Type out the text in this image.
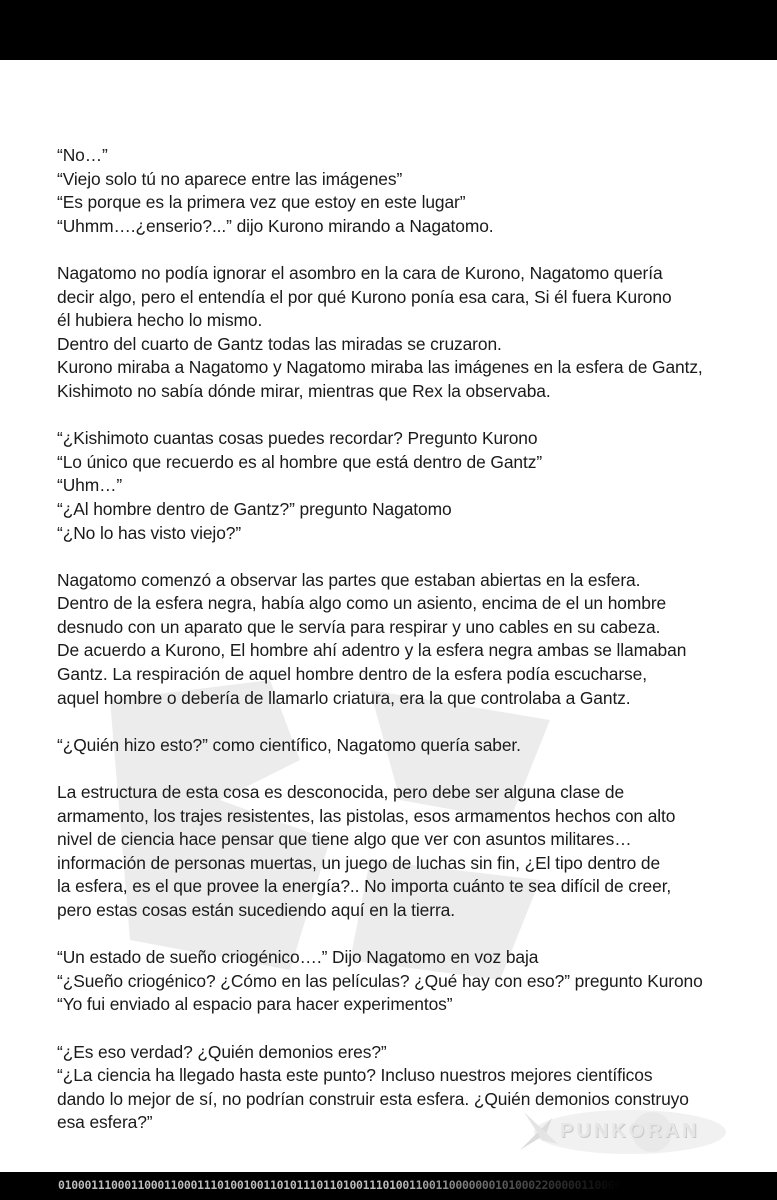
“No…”
“Viejo solo tú no aparece entre las imágenes”
“Es porque es la primera vez que estoy en este lugar”
“Uhmm….¿enserio?...” dijo Kurono mirando a Nagatomo.
Nagatomo no podía ignorar el asombro en la cara de Kurono, Nagatomo quería
decir algo, pero el entendía el por qué Kurono ponía esa cara, Si él fuera Kurono
él hubiera hecho lo mismo.
Dentro del cuarto de Gantz todas las miradas se cruzaron.
Kurono miraba a Nagatomo y Nagatomo miraba las imágenes en la esfera de Gantz,
Kishimoto no sabía dónde mirar, mientras que Rex la observaba.
“¿Kishimoto cuantas cosas puedes recordar? Pregunto Kurono
“Lo único que recuerdo es al hombre que está dentro de Gantz”
“Uhm…”
“¿Al hombre dentro de Gantz?” pregunto Nagatomo
“¿No lo has visto viejo?”
Nagatomo comenzó a observar las partes que estaban abiertas en la esfera.
Dentro de la esfera negra, había algo como un asiento, encima de el un hombre
desnudo con un aparato que le servía para respirar y uno cables en su cabeza.
De acuerdo a Kurono, El hombre ahí adentro y la esfera negra ambas se llamaban
Gantz. La respiración de aquel hombre dentro de la esfera podía escucharse,
aquel hombre o debería de llamarlo criatura, era la que controlaba a Gantz.
“¿Quién hizo esto?” como científico, Nagatomo quería saber.
La estructura de esta cosa es desconocida, pero debe ser alguna clase de
armamento, los trajes resistentes, las pistolas, esos armamentos hechos con alto
nivel de ciencia hace pensar que tiene algo que ver con asuntos militares…
información de personas muertas, un juego de luchas sin fin, ¿El tipo dentro de
la esfera, es el que provee la energía?.. No importa cuánto te sea difícil de creer,
pero estas cosas están sucediendo aquí en la tierra.
“Un estado de sueño criogénico….” Dijo Nagatomo en voz baja
“¿Sueño criogénico? ¿Cómo en las películas? ¿Qué hay con eso?” pregunto Kurono
“Yo fui enviado al espacio para hacer experimentos”
“¿Es eso verdad? ¿Quién demonios eres?”
“¿La ciencia ha llegado hasta este punto? Incluso nuestros mejores científicos
dando lo mejor de sí, no podrían construir esta esfera. ¿Quién demonios construyo
esa esfera?”	PUNKORAN
0100011100011000110001110100100110101110110100111010011001100000001010002200000110000
